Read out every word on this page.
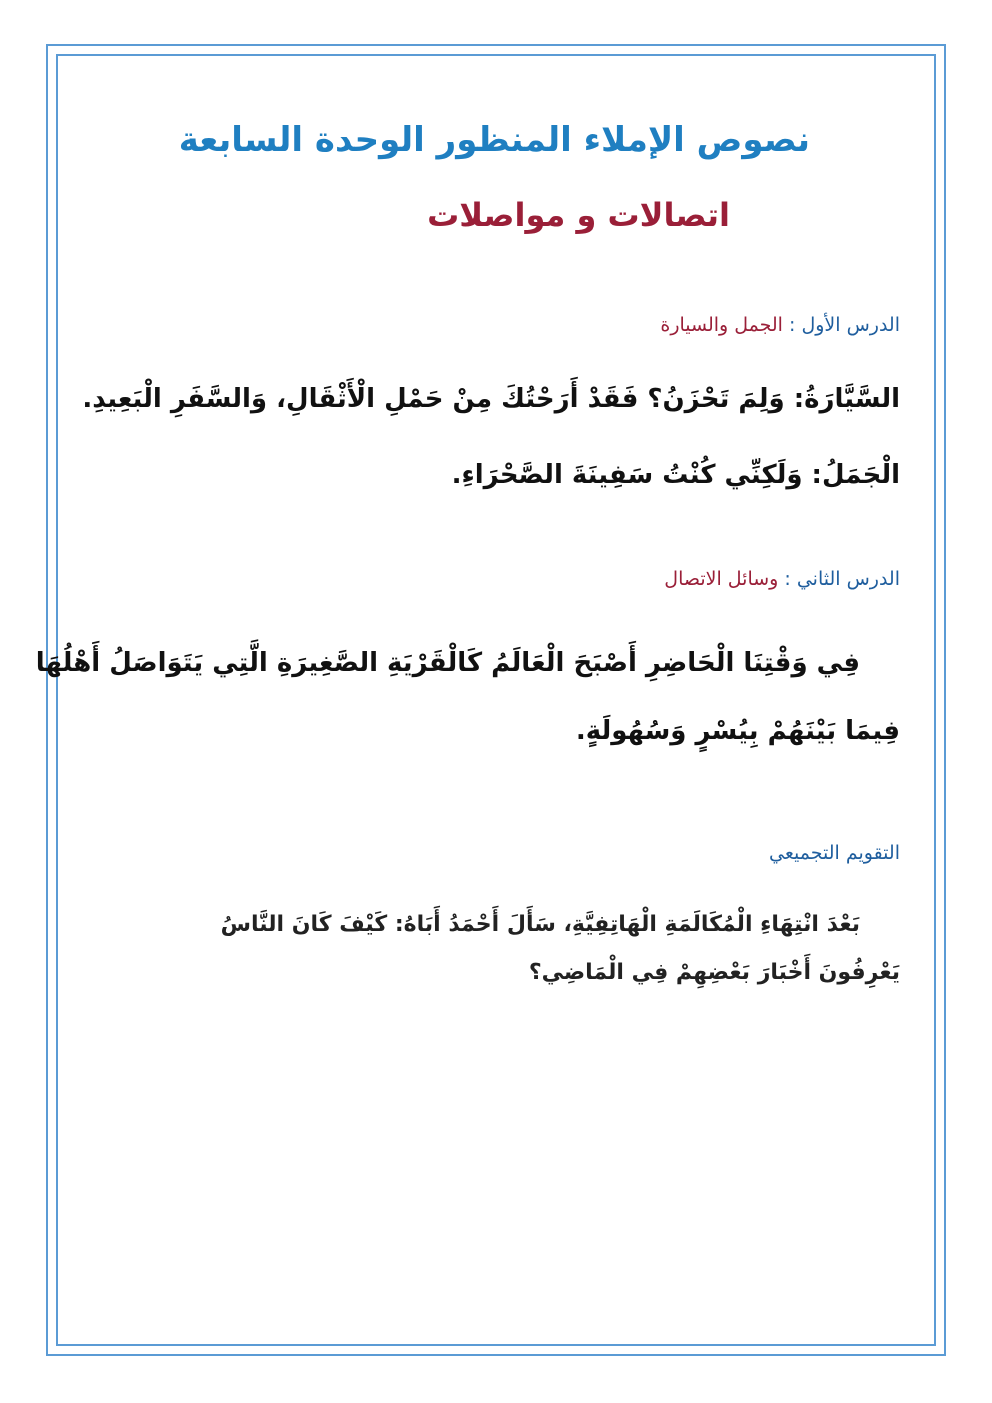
نصوص الإملاء المنظور الوحدة السابعة
اتصالات و مواصلات
الدرس الأول : الجمل والسيارة
السَّيَّارَةُ: وَلِمَ تَحْزَنُ؟ فَقَدْ أَرَحْتُكَ مِنْ حَمْلِ الْأَثْقَالِ، وَالسَّفَرِ الْبَعِيدِ.
الْجَمَلُ: وَلَكِنِّي كُنْتُ سَفِينَةَ الصَّحْرَاءِ.
الدرس الثاني : وسائل الاتصال
فِي وَقْتِنَا الْحَاضِرِ أَصْبَحَ الْعَالَمُ كَالْقَرْيَةِ الصَّغِيرَةِ الَّتِي يَتَوَاصَلُ أَهْلُهَا
فِيمَا بَيْنَهُمْ بِيُسْرٍ وَسُهُولَةٍ.
التقويم التجميعي
بَعْدَ انْتِهَاءِ الْمُكَالَمَةِ الْهَاتِفِيَّةِ، سَأَلَ أَحْمَدُ أَبَاهُ: كَيْفَ كَانَ النَّاسُ
يَعْرِفُونَ أَخْبَارَ بَعْضِهِمْ فِي الْمَاضِي؟
